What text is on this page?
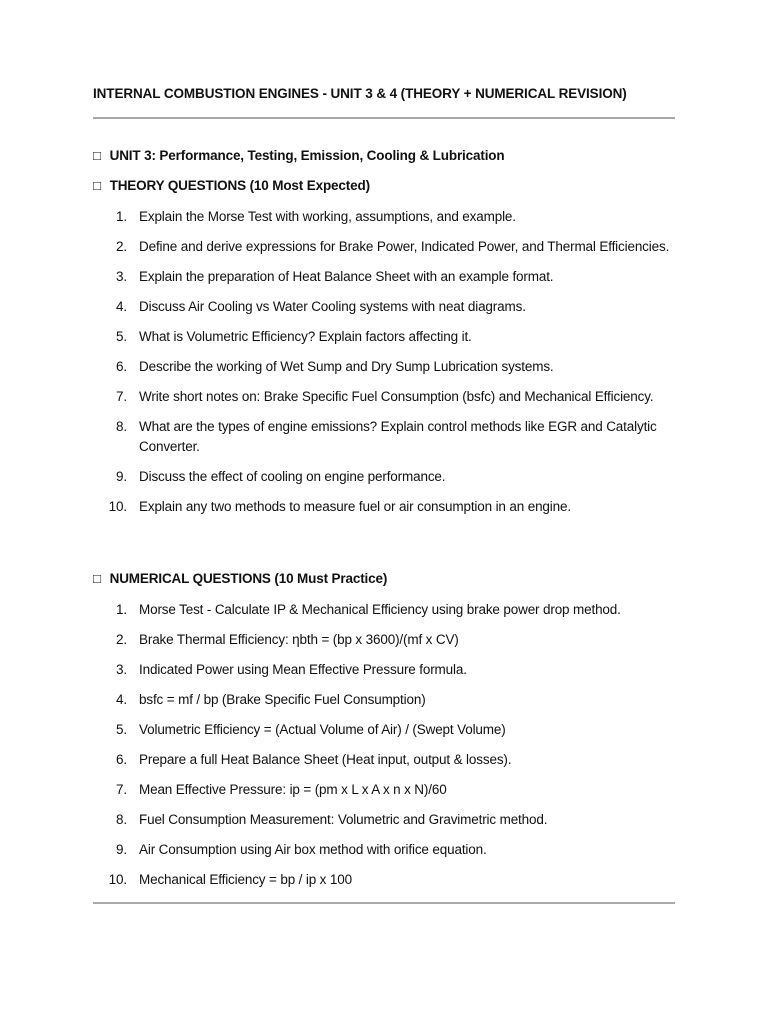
INTERNAL COMBUSTION ENGINES - UNIT 3 & 4 (THEORY + NUMERICAL REVISION)
□ UNIT 3: Performance, Testing, Emission, Cooling & Lubrication
□ THEORY QUESTIONS (10 Most Expected)
1. Explain the Morse Test with working, assumptions, and example.
2. Define and derive expressions for Brake Power, Indicated Power, and Thermal Efficiencies.
3. Explain the preparation of Heat Balance Sheet with an example format.
4. Discuss Air Cooling vs Water Cooling systems with neat diagrams.
5. What is Volumetric Efficiency? Explain factors affecting it.
6. Describe the working of Wet Sump and Dry Sump Lubrication systems.
7. Write short notes on: Brake Specific Fuel Consumption (bsfc) and Mechanical Efficiency.
8. What are the types of engine emissions? Explain control methods like EGR and Catalytic Converter.
9. Discuss the effect of cooling on engine performance.
10. Explain any two methods to measure fuel or air consumption in an engine.
□ NUMERICAL QUESTIONS (10 Must Practice)
1. Morse Test - Calculate IP & Mechanical Efficiency using brake power drop method.
2. Brake Thermal Efficiency: ηbth = (bp x 3600)/(mf x CV)
3. Indicated Power using Mean Effective Pressure formula.
4. bsfc = mf / bp (Brake Specific Fuel Consumption)
5. Volumetric Efficiency = (Actual Volume of Air) / (Swept Volume)
6. Prepare a full Heat Balance Sheet (Heat input, output & losses).
7. Mean Effective Pressure: ip = (pm x L x A x n x N)/60
8. Fuel Consumption Measurement: Volumetric and Gravimetric method.
9. Air Consumption using Air box method with orifice equation.
10. Mechanical Efficiency = bp / ip x 100
